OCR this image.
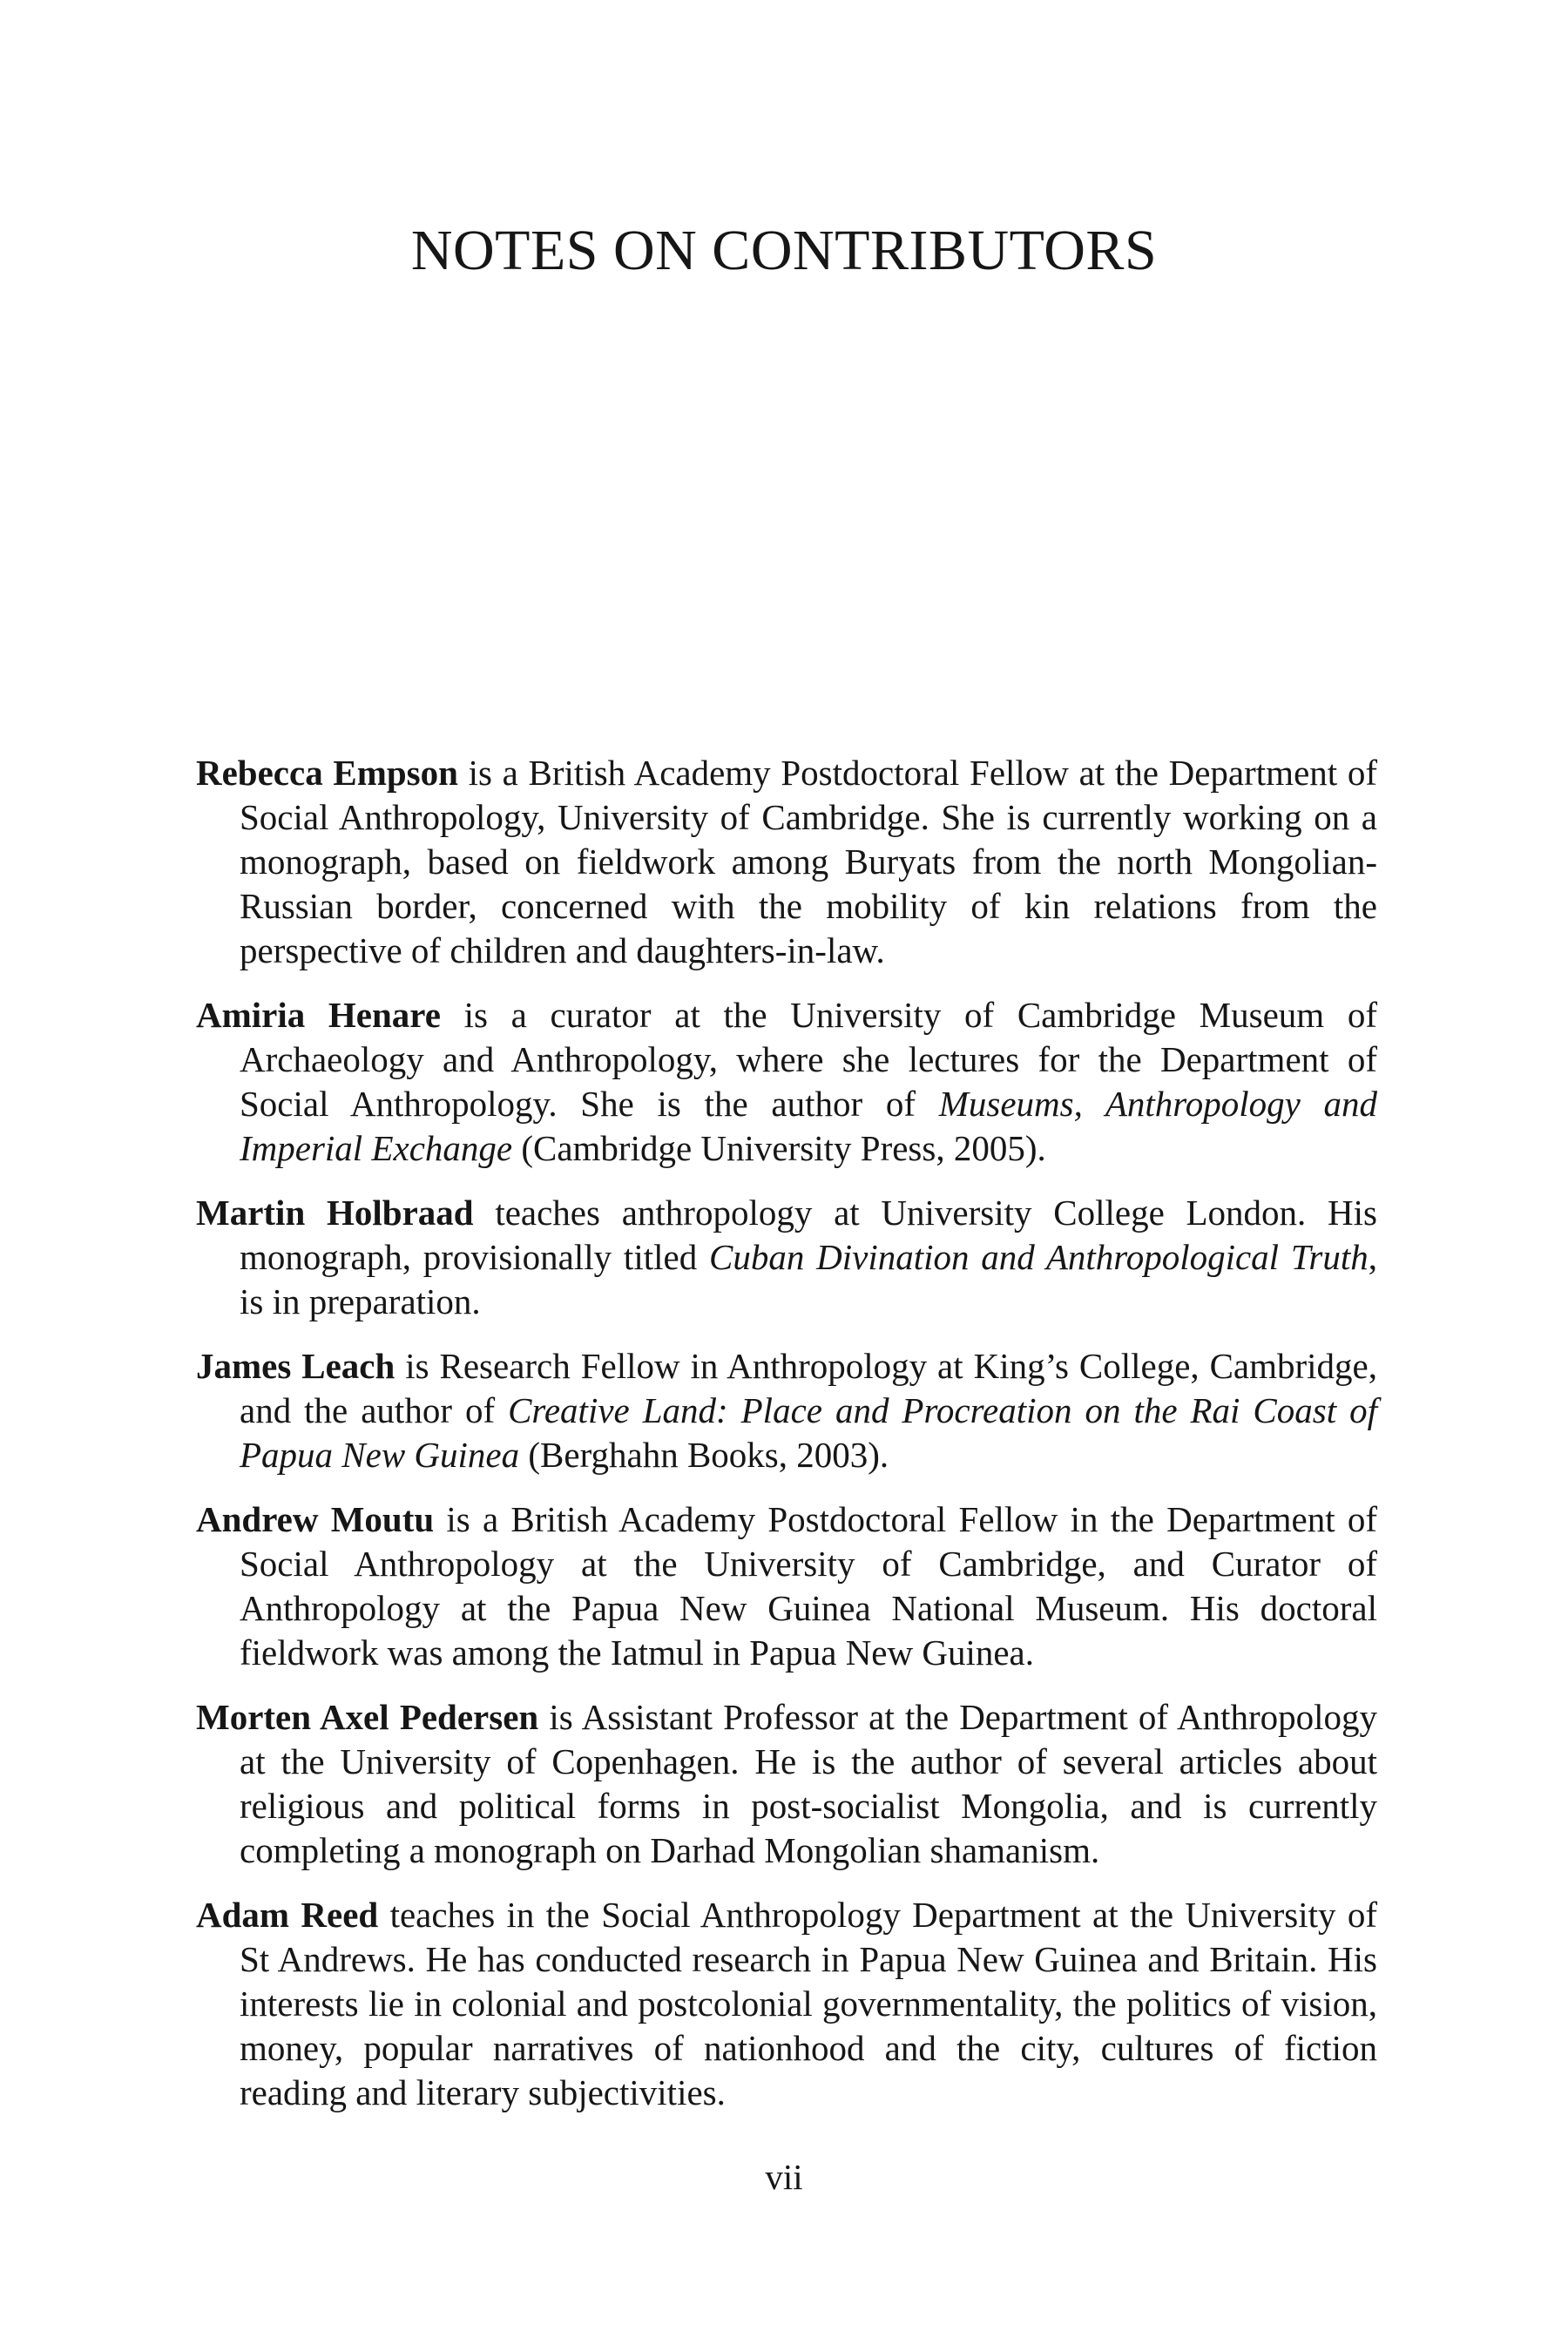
NOTES ON CONTRIBUTORS

Rebecca Empson is a British Academy Postdoctoral Fellow at the Department of Social Anthropology, University of Cambridge. She is currently working on a monograph, based on fieldwork among Buryats from the north Mongolian-Russian border, concerned with the mobility of kin relations from the perspective of children and daughters-in-law.

Amiria Henare is a curator at the University of Cambridge Museum of Archaeology and Anthropology, where she lectures for the Department of Social Anthropology. She is the author of Museums, Anthropology and Imperial Exchange (Cambridge University Press, 2005).

Martin Holbraad teaches anthropology at University College London. His monograph, provisionally titled Cuban Divination and Anthropological Truth, is in preparation.

James Leach is Research Fellow in Anthropology at King’s College, Cambridge, and the author of Creative Land: Place and Procreation on the Rai Coast of Papua New Guinea (Berghahn Books, 2003).

Andrew Moutu is a British Academy Postdoctoral Fellow in the Department of Social Anthropology at the University of Cambridge, and Curator of Anthropology at the Papua New Guinea National Museum. His doctoral fieldwork was among the Iatmul in Papua New Guinea.

Morten Axel Pedersen is Assistant Professor at the Department of Anthropology at the University of Copenhagen. He is the author of several articles about religious and political forms in post-socialist Mongolia, and is currently completing a monograph on Darhad Mongolian shamanism.

Adam Reed teaches in the Social Anthropology Department at the University of St Andrews. He has conducted research in Papua New Guinea and Britain. His interests lie in colonial and postcolonial governmentality, the politics of vision, money, popular narratives of nationhood and the city, cultures of fiction reading and literary subjectivities.

vii
